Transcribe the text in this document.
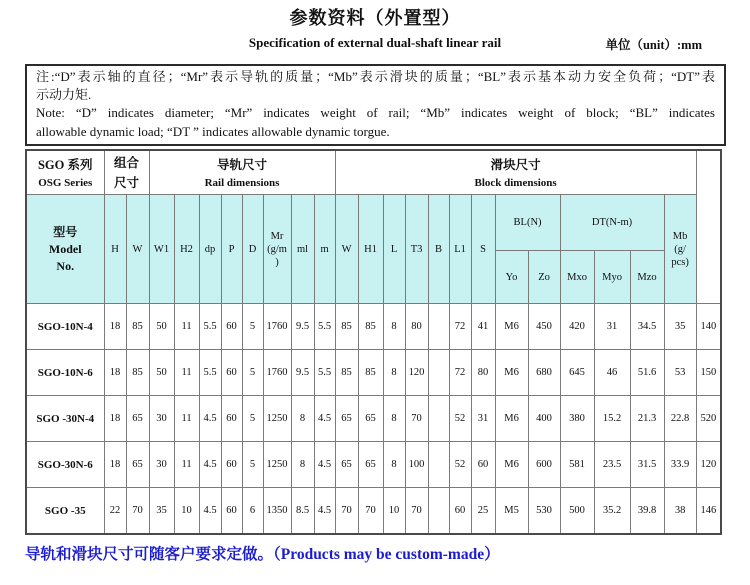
参数资料（外置型）
Specification of external dual-shaft linear rail	单位（unit）:mm
注:“D”表示轴的直径；“Mr”表示导轨的质量；“Mb”表示滑块的质量；“BL”表示基本动力安全负荷；“DT”表
示动力矩.
Note: “D” indicates diameter; “Mr” indicates weight of rail; “Mb” indicates weight of block; “BL” indicates
allowable dynamic load; “DT ” indicates allowable dynamic torgue.
SGO 系列
OSG Series	组合
尺寸		导轨尺寸
Rail dimensions								滑块尺寸
Block dimensions													

型号
Model
No.	H	W	W1	H2	dp	P	D	Mr
(g/m
)	ml	m	W	H1	L	T3	B	L1	S	BL(N)		DT(N-m)			Mb
(g/
pcs)	

																		Yo	Zo	Mxo	Myo	Mzo		
SGO-10N-4	18	85	50	11	5.5	60	5	1760	9.5	5.5	85	85	8	80		72	41	M6	450	420	31	34.5	35	140
SGO-10N-6	18	85	50	11	5.5	60	5	1760	9.5	5.5	85	85	8	120		72	80	M6	680	645	46	51.6	53	150
SGO -30N-4	18	65	30	11	4.5	60	5	1250	8	4.5	65	65	8	70		52	31	M6	400	380	15.2	21.3	22.8	520
SGO-30N-6	18	65	30	11	4.5	60	5	1250	8	4.5	65	65	8	100		52	60	M6	600	581	23.5	31.5	33.9	120
SGO -35	22	70	35	10	4.5	60	6	1350	8.5	4.5	70	70	10	70		60	25	M5	530	500	35.2	39.8	38	146
导轨和滑块尺寸可随客户要求定做。（Products may be custom-made）
